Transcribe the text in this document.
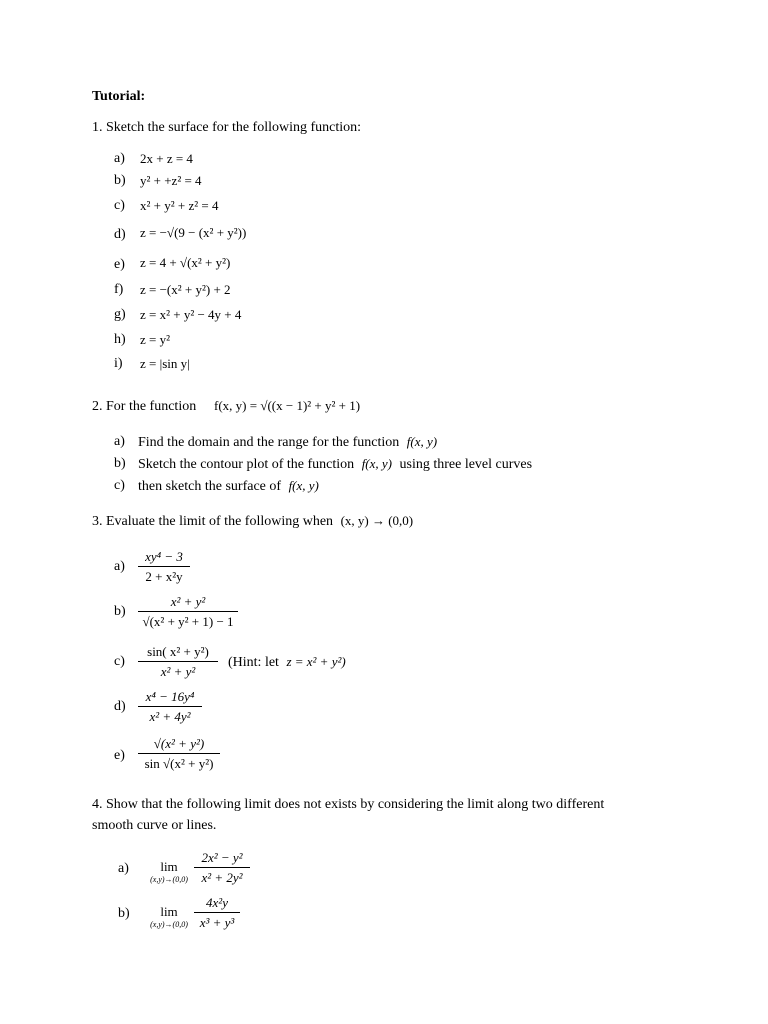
Tutorial:
1. Sketch the surface for the following function:
a) 2x + z = 4
b) y² + +z² = 4
c) x² + y² + z² = 4
d) z = −√(9 − (x² + y²))
e) z = 4 + √(x² + y²)
f) z = −(x² + y²) + 2
g) z = x² + y² − 4y + 4
h) z = y²
i) z = |sin y|
2. For the function f(x, y) = √((x − 1)² + y² + 1)
a) Find the domain and the range for the function f(x, y)
b) Sketch the contour plot of the function f(x, y) using three level curves
c) then sketch the surface of f(x, y)
3. Evaluate the limit of the following when (x, y) → (0,0)
a)
xy⁴ − 3
2 + x²y
b)
x² + y²
√(x² + y² + 1) − 1
c)
sin( x² + y²)
x² + y²
(Hint: let z = x² + y²)
d)
x⁴ − 16y⁴
x² + 4y²
e)
√(x² + y²)
sin √(x² + y²)
4. Show that the following limit does not exists by considering the limit along two different
smooth curve or lines.
a)	lim
(x,y)→(0,0)
2x² − y²
x² + 2y²
b)	lim
(x,y)→(0,0)
4x²y
x³ + y³
